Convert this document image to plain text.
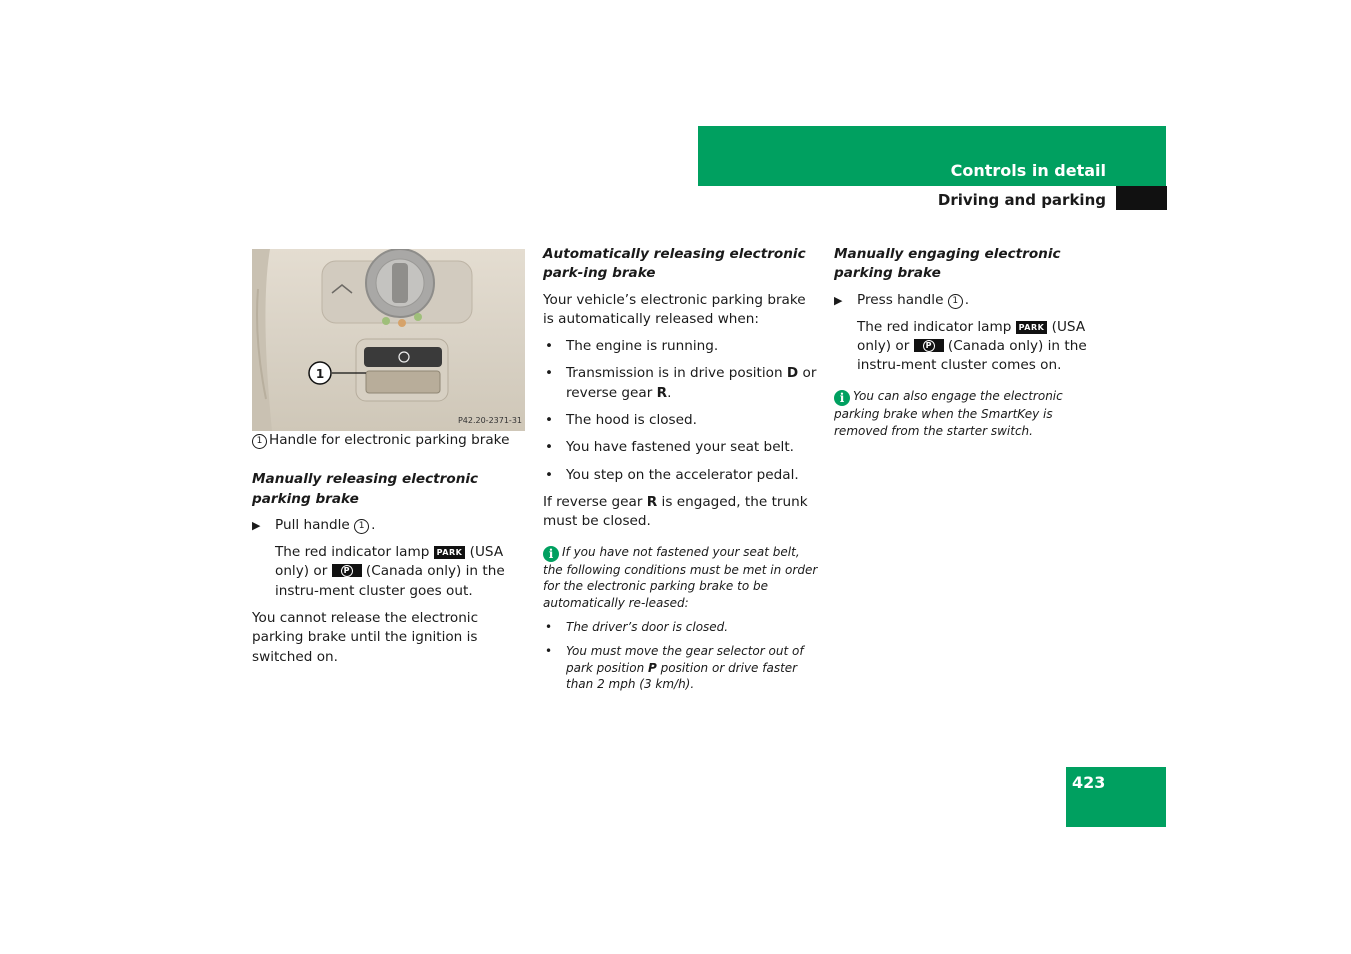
Controls in detail
Driving and parking
1
P42.20-2371-31

1 Handle for electronic parking brake

Manually releasing electronic parking brake

▶ Pull handle 1 .

The red indicator lamp PARK (USA only) or	P (Canada only) in the instru-ment cluster goes out.

You cannot release the electronic parking brake until the ignition is switched on.

Automatically releasing electronic park-ing brake

Your vehicle’s electronic parking brake is automatically released when:

• The engine is running.

• Transmission is in drive position D or reverse gear R.

• The hood is closed.

• You have fastened your seat belt.

• You step on the accelerator pedal.

If reverse gear R is engaged, the trunk must be closed.

i If you have not fastened your seat belt, the following conditions must be met in order for the electronic parking brake to be automatically re-leased:

• The driver’s door is closed.

• You must move the gear selector out of park position P position or drive faster than 2 mph (3 km/h).

Manually engaging electronic parking brake

▶ Press handle 1 .

The red indicator lamp PARK (USA only) or	P (Canada only) in the instru-ment cluster comes on.

i You can also engage the electronic parking brake when the SmartKey is removed from the starter switch.

423
